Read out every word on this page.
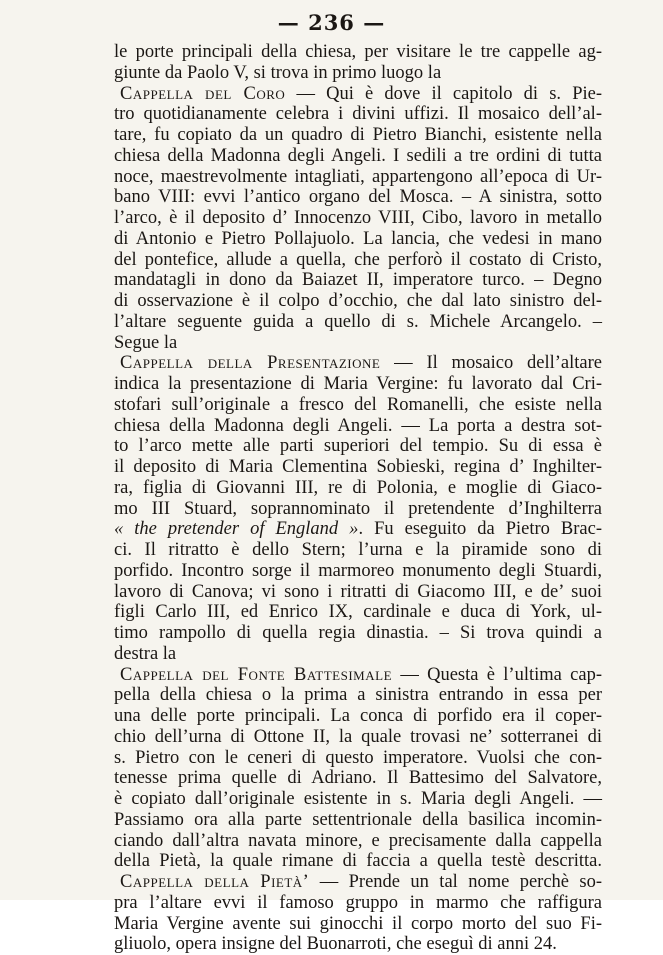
— 236 —
le porte principali della chiesa, per visitare le tre cappelle ag-
giunte da Paolo V, si trova in primo luogo la
Cappella del Coro — Qui è dove il capitolo di s. Pie-
tro quotidianamente celebra i divini uffizi. Il mosaico dell’al-
tare, fu copiato da un quadro di Pietro Bianchi, esistente nella
chiesa della Madonna degli Angeli. I sedili a tre ordini di tutta
noce, maestrevolmente intagliati, appartengono all’epoca di Ur-
bano VIII: evvi l’antico organo del Mosca. – A sinistra, sotto
l’arco, è il deposito d’ Innocenzo VIII, Cibo, lavoro in metallo
di Antonio e Pietro Pollajuolo. La lancia, che vedesi in mano
del pontefice, allude a quella, che perforò il costato di Cristo,
mandatagli in dono da Baiazet II, imperatore turco. – Degno
di osservazione è il colpo d’occhio, che dal lato sinistro del-
l’altare seguente guida a quello di s. Michele Arcangelo. –
Segue la
Cappella della Presentazione — Il mosaico dell’altare
indica la presentazione di Maria Vergine: fu lavorato dal Cri-
stofari sull’originale a fresco del Romanelli, che esiste nella
chiesa della Madonna degli Angeli. — La porta a destra sot-
to l’arco mette alle parti superiori del tempio. Su di essa è
il deposito di Maria Clementina Sobieski, regina d’ Inghilter-
ra, figlia di Giovanni III, re di Polonia, e moglie di Giaco-
mo III Stuard, soprannominato il pretendente d’Inghilterra
« the pretender of England ». Fu eseguito da Pietro Brac-
ci. Il ritratto è dello Stern; l’urna e la piramide sono di
porfido. Incontro sorge il marmoreo monumento degli Stuardi,
lavoro di Canova; vi sono i ritratti di Giacomo III, e de’ suoi
figli Carlo III, ed Enrico IX, cardinale e duca di York, ul-
timo rampollo di quella regia dinastia. – Si trova quindi a
destra la
Cappella del Fonte Battesimale — Questa è l’ultima cap-
pella della chiesa o la prima a sinistra entrando in essa per
una delle porte principali. La conca di porfido era il coper-
chio dell’urna di Ottone II, la quale trovasi ne’ sotterranei di
s. Pietro con le ceneri di questo imperatore. Vuolsi che con-
tenesse prima quelle di Adriano. Il Battesimo del Salvatore,
è copiato dall’originale esistente in s. Maria degli Angeli. —
Passiamo ora alla parte settentrionale della basilica incomin-
ciando dall’altra navata minore, e precisamente dalla cappella
della Pietà, la quale rimane di faccia a quella testè descritta.
Cappella della Pietà’ — Prende un tal nome perchè so-
pra l’altare evvi il famoso gruppo in marmo che raffigura
Maria Vergine avente sui ginocchi il corpo morto del suo Fi-
gliuolo, opera insigne del Buonarroti, che eseguì di anni 24.
